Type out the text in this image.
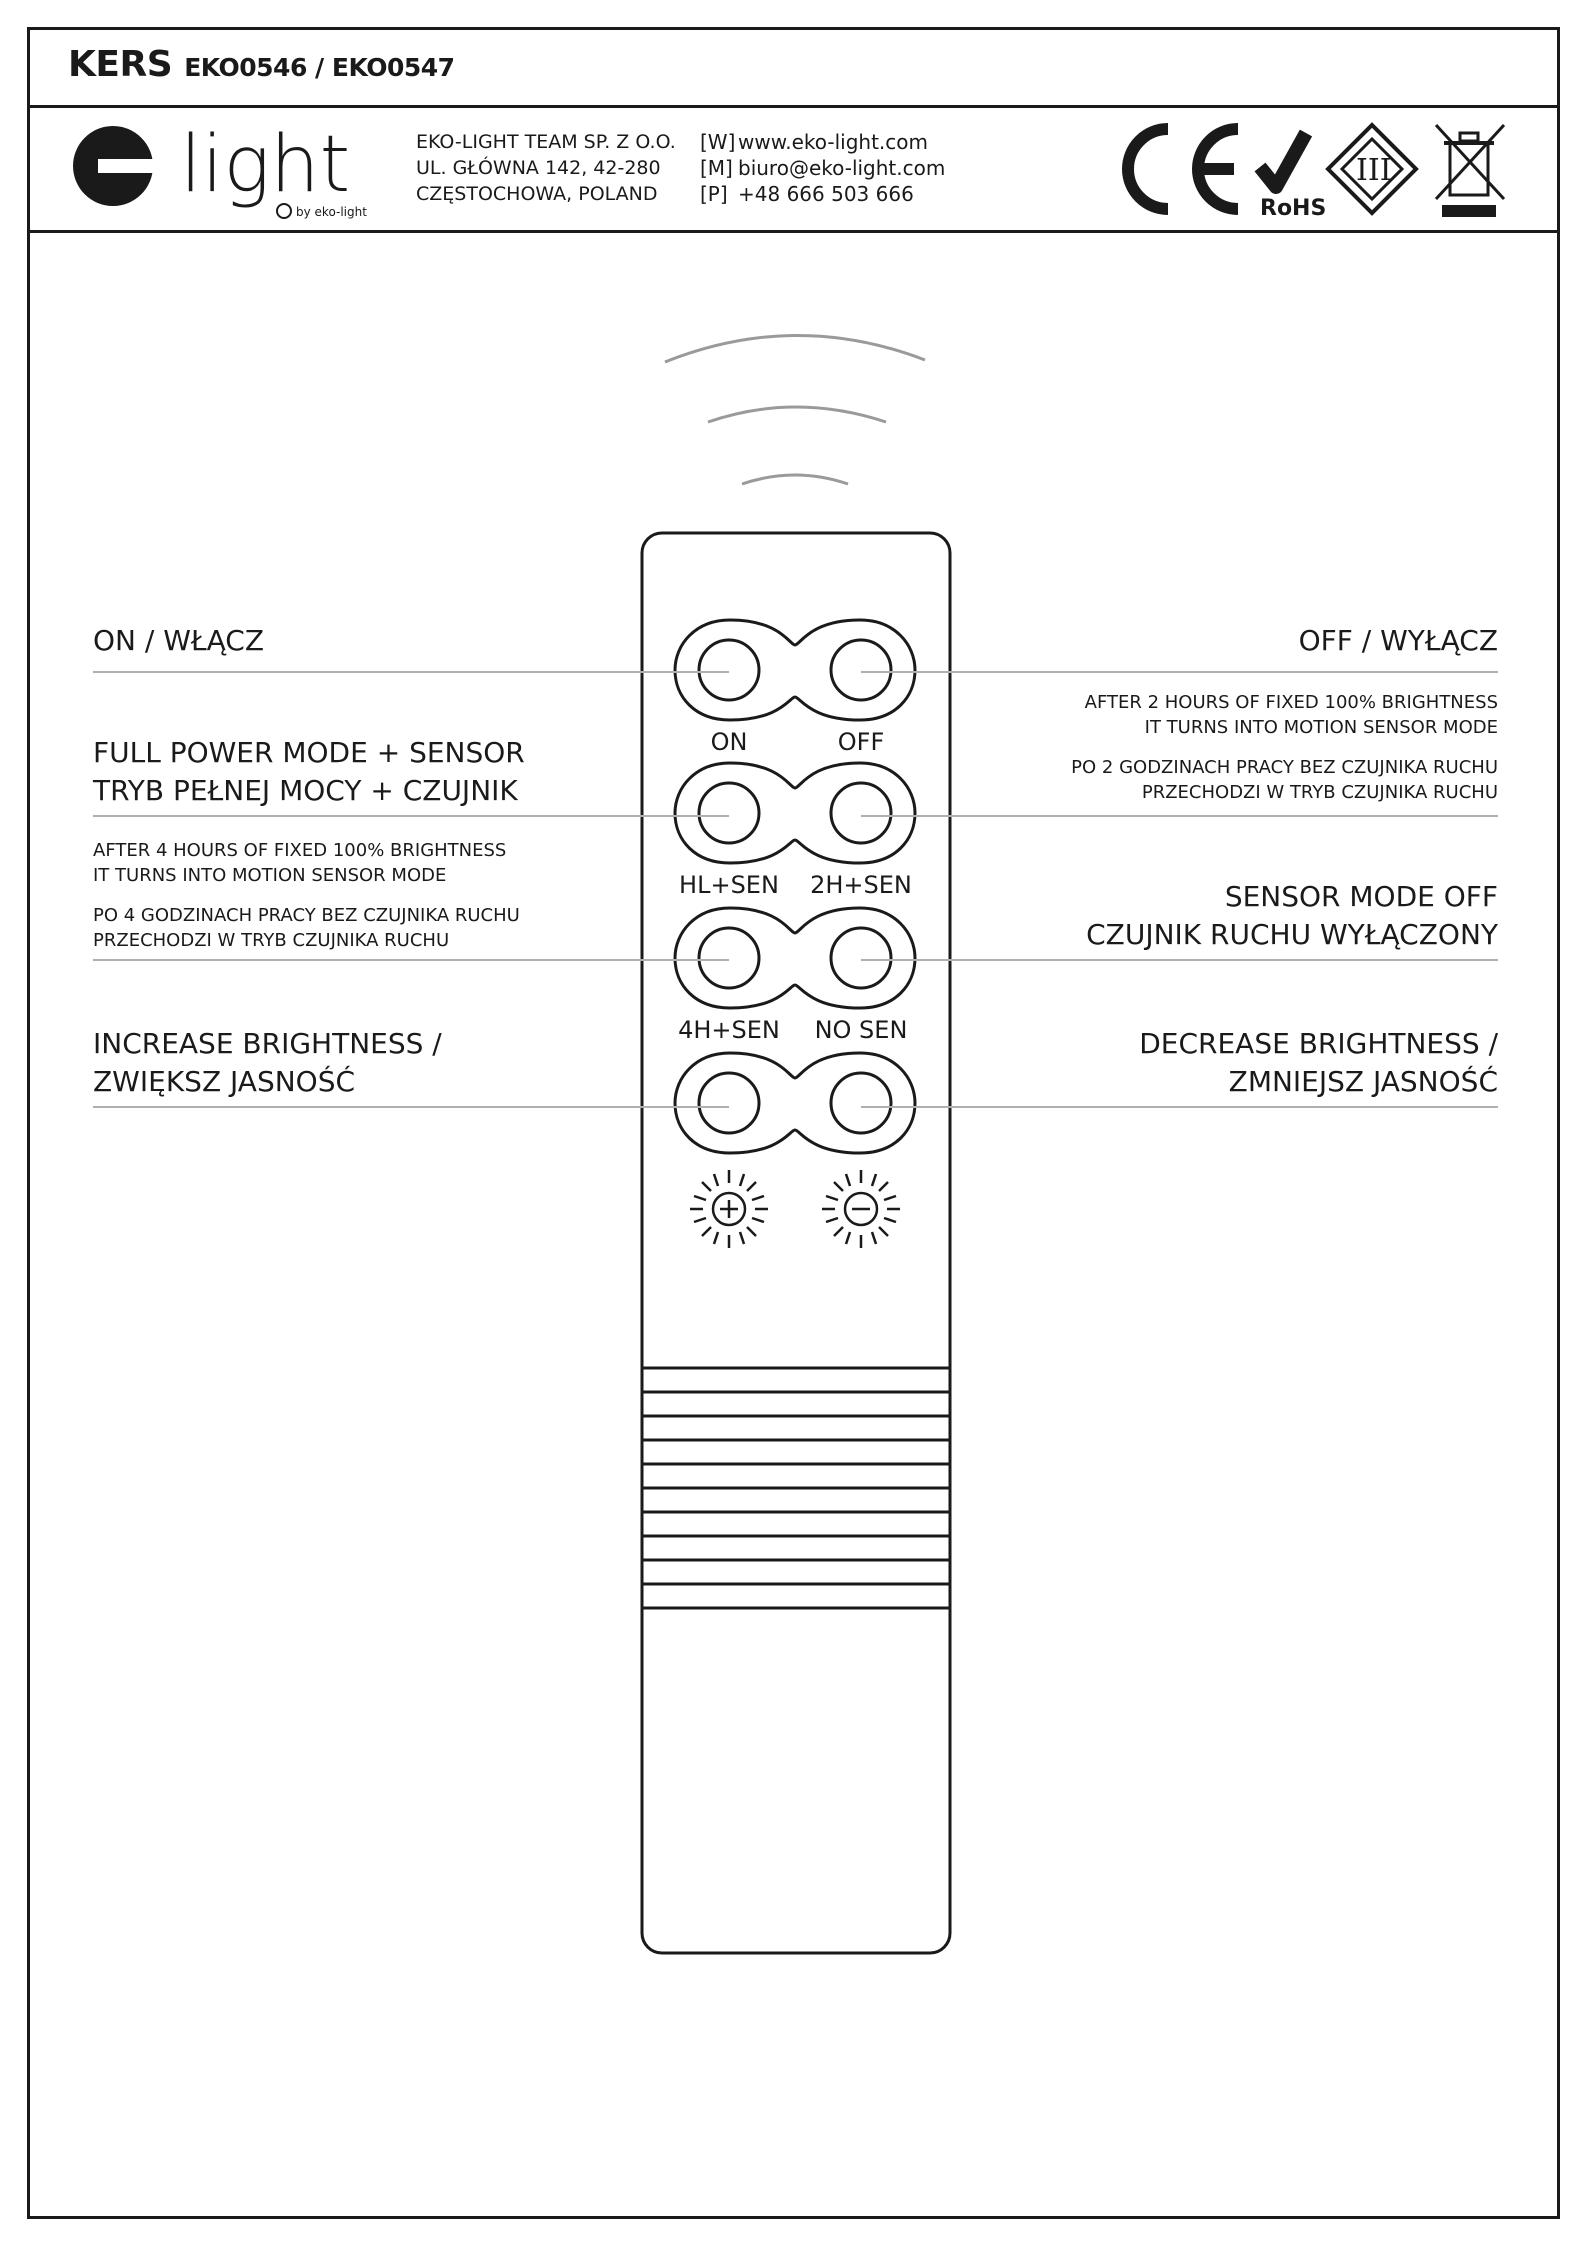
KERS EKO0546 / EKO0547
light
by eko-light
EKO-LIGHT TEAM SP. Z O.O.
UL. GŁÓWNA 142, 42-280
CZĘSTOCHOWA, POLAND
[W] www.eko-light.com
[M] biuro@eko-light.com
[P] +48 666 503 666
RoHS
III
ON	OFF
HL+SEN	2H+SEN
4H+SEN	NO SEN
ON / WŁĄCZ
FULL POWER MODE + SENSOR
TRYB PEŁNEJ MOCY + CZUJNIK
AFTER 4 HOURS OF FIXED 100% BRIGHTNESS
IT TURNS INTO MOTION SENSOR MODE
PO 4 GODZINACH PRACY BEZ CZUJNIKA RUCHU
PRZECHODZI W TRYB CZUJNIKA RUCHU
INCREASE BRIGHTNESS /
ZWIĘKSZ JASNOŚĆ
OFF / WYŁĄCZ
AFTER 2 HOURS OF FIXED 100% BRIGHTNESS
IT TURNS INTO MOTION SENSOR MODE
PO 2 GODZINACH PRACY BEZ CZUJNIKA RUCHU
PRZECHODZI W TRYB CZUJNIKA RUCHU
SENSOR MODE OFF
CZUJNIK RUCHU WYŁĄCZONY
DECREASE BRIGHTNESS /
ZMNIEJSZ JASNOŚĆ
